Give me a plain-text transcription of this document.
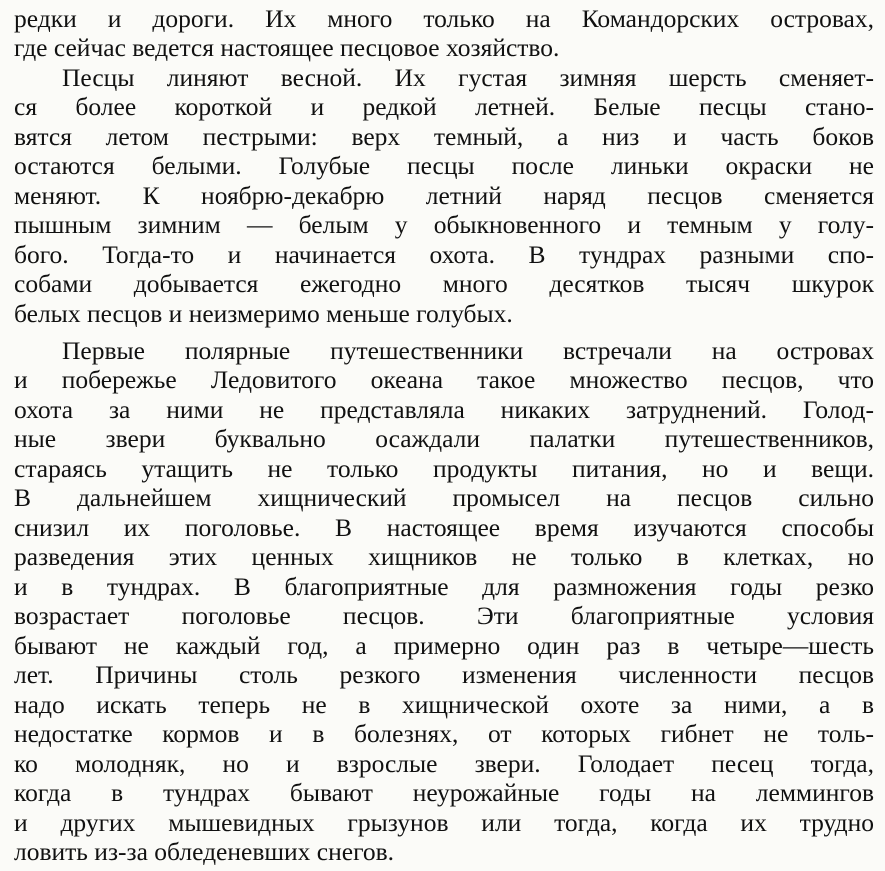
редки и дороги. Их много только на Командорских островах,
где сейчас ведется настоящее песцовое хозяйство.
Песцы линяют весной. Их густая зимняя шерсть сменяет-
ся более короткой и редкой летней. Белые песцы стано-
вятся летом пестрыми: верх темный, а низ и часть боков
остаются белыми. Голубые песцы после линьки окраски не
меняют. К ноябрю-декабрю летний наряд песцов сменяется
пышным зимним — белым у обыкновенного и темным у голу-
бого. Тогда-то и начинается охота. В тундрах разными спо-
собами добывается ежегодно много десятков тысяч шкурок
белых песцов и неизмеримо меньше голубых.
Первые полярные путешественники встречали на островах
и побережье Ледовитого океана такое множество песцов, что
охота за ними не представляла никаких затруднений. Голод-
ные звери буквально осаждали палатки путешественников,
стараясь утащить не только продукты питания, но и вещи.
В дальнейшем хищнический промысел на песцов сильно
снизил их поголовье. В настоящее время изучаются способы
разведения этих ценных хищников не только в клетках, но
и в тундрах. В благоприятные для размножения годы резко
возрастает поголовье песцов. Эти благоприятные условия
бывают не каждый год, а примерно один раз в четыре—шесть
лет. Причины столь резкого изменения численности песцов
надо искать теперь не в хищнической охоте за ними, а в
недостатке кормов и в болезнях, от которых гибнет не толь-
ко молодняк, но и взрослые звери. Голодает песец тогда,
когда в тундрах бывают неурожайные годы на леммингов
и других мышевидных грызунов или тогда, когда их трудно
ловить из-за обледеневших снегов.
